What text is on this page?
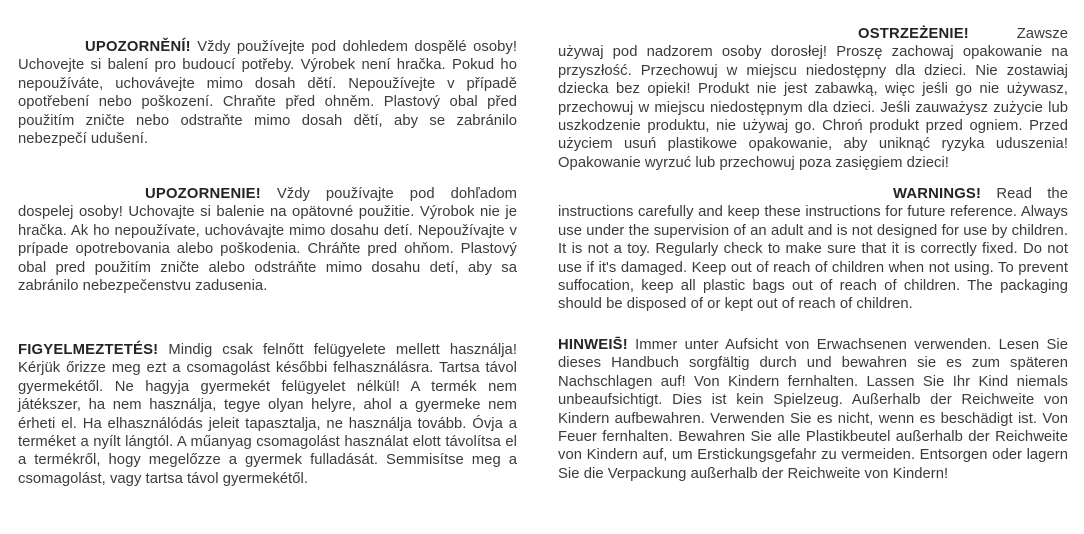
UPOZORNĚNÍ! Vždy používejte pod dohledem dospělé osoby! Uchovejte si balení pro budoucí potřeby. Výrobek není hračka. Pokud ho nepoužíváte, uchovávejte mimo dosah dětí. Nepoužívejte v případě opotřebení nebo poškození. Chraňte před ohněm. Plastový obal před použitím zničte nebo odstraňte mimo dosah dětí, aby se zabránilo nebezpečí udušení.

UPOZORNENIE! Vždy používajte pod dohľadom dospelej osoby! Uchovajte si balenie na opätovné použitie. Výrobok nie je hračka. Ak ho nepoužívate, uchovávajte mimo dosahu detí. Nepoužívajte v prípade opotrebovania alebo poškodenia. Chráňte pred ohňom. Plastový obal pred použitím zničte alebo odstráňte mimo dosahu detí, aby sa zabránilo nebezpečenstvu zadusenia.

FIGYELMEZTETÉS! Mindig csak felnőtt felügyelete mellett használja! Kérjük őrizze meg ezt a csomagolást későbbi felhasználásra. Tartsa távol gyermekétől. Ne hagyja gyermekét felügyelet nélkül! A termék nem játékszer, ha nem használja, tegye olyan helyre, ahol a gyermeke nem érheti el. Ha elhasználódás jeleit tapasztalja, ne használja tovább. Óvja a terméket a nyílt lángtól. A műanyag csomagolást használat elott távolítsa el a termékről, hogy megelőzze a gyermek fulladását. Semmisítse meg a csomagolást, vagy tartsa távol gyermekétől.

OSTRZEŻENIE!	Zawsze używaj pod nadzorem osoby dorosłej! Proszę zachowaj opakowanie na przyszłość. Przechowuj w miejscu niedostępny dla dzieci. Nie zostawiaj dziecka bez opieki! Produkt nie jest zabawką, więc jeśli go nie używasz, przechowuj w miejscu niedostępnym dla dzieci. Jeśli zauważysz zużycie lub uszkodzenie produktu, nie używaj go. Chroń produkt przed ogniem. Przed użyciem usuń plastikowe opakowanie, aby uniknąć ryzyka uduszenia! Opakowanie wyrzuć lub przechowuj poza zasięgiem dzieci!

WARNINGS! Read the instructions carefully and keep these instructions for future reference. Always use under the supervision of an adult and is not designed for use by children. It is not a toy. Regularly check to make sure that it is correctly fixed. Do not use if it's damaged. Keep out of reach of children when not using. To prevent suffocation, keep all plastic bags out of reach of children. The packaging should be disposed of or kept out of reach of children.

HINWEIS̄! Immer unter Aufsicht von Erwachsenen verwenden. Lesen Sie dieses Handbuch sorgfältig durch und bewahren sie es zum späteren Nachschlagen auf! Von Kindern fernhalten. Lassen Sie Ihr Kind niemals unbeaufsichtigt. Dies ist kein Spielzeug. Außerhalb der Reichweite von Kindern aufbewahren. Verwenden Sie es nicht, wenn es beschädigt ist. Von Feuer fernhalten. Bewahren Sie alle Plastikbeutel außerhalb der Reichweite von Kindern auf, um Erstickungsgefahr zu vermeiden. Entsorgen oder lagern Sie die Verpackung außerhalb der Reichweite von Kindern!
